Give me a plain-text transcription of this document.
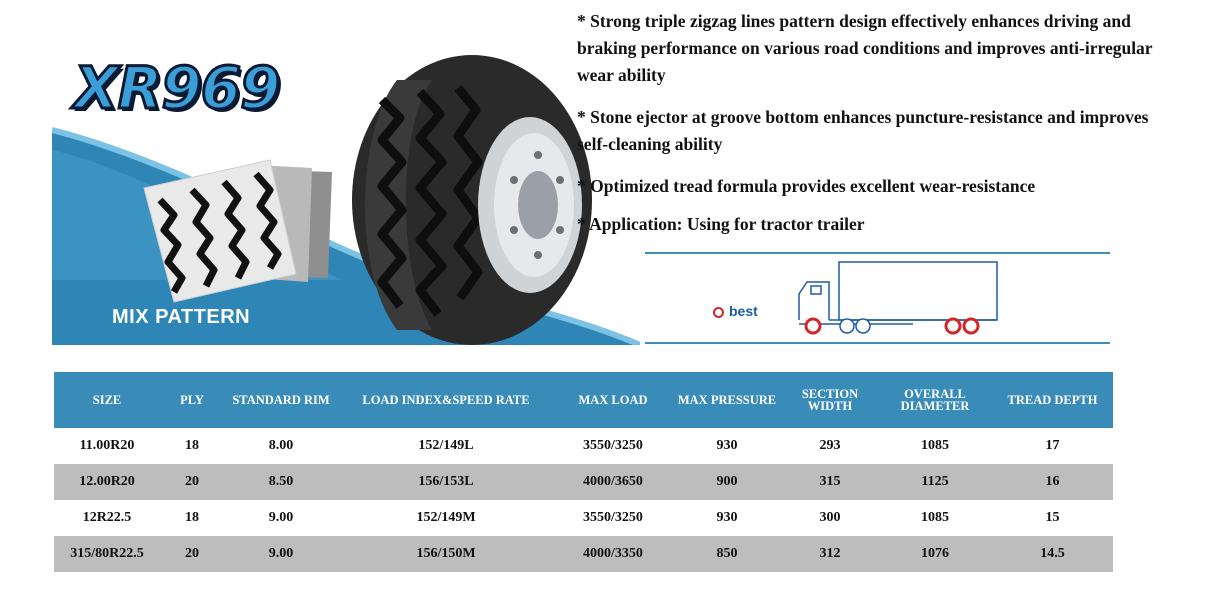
XR969
MIX PATTERN

* Strong triple zigzag lines pattern design effectively enhances driving and braking performance on various road conditions and improves anti-irregular wear ability

* Stone ejector at groove bottom enhances puncture-resistance and improves self-cleaning ability

* Optimized tread formula provides excellent wear-resistance

* Application: Using for tractor trailer

best
SIZE	PLY	STANDARD RIM	LOAD INDEX&SPEED RATE	MAX LOAD	MAX PRESSURE	SECTION WIDTH	OVERALL DIAMETER	TREAD DEPTH
11.00R20	18	8.00	152/149L	3550/3250	930	293	1085	17
12.00R20	20	8.50	156/153L	4000/3650	900	315	1125	16
12R22.5	18	9.00	152/149M	3550/3250	930	300	1085	15
315/80R22.5	20	9.00	156/150M	4000/3350	850	312	1076	14.5
